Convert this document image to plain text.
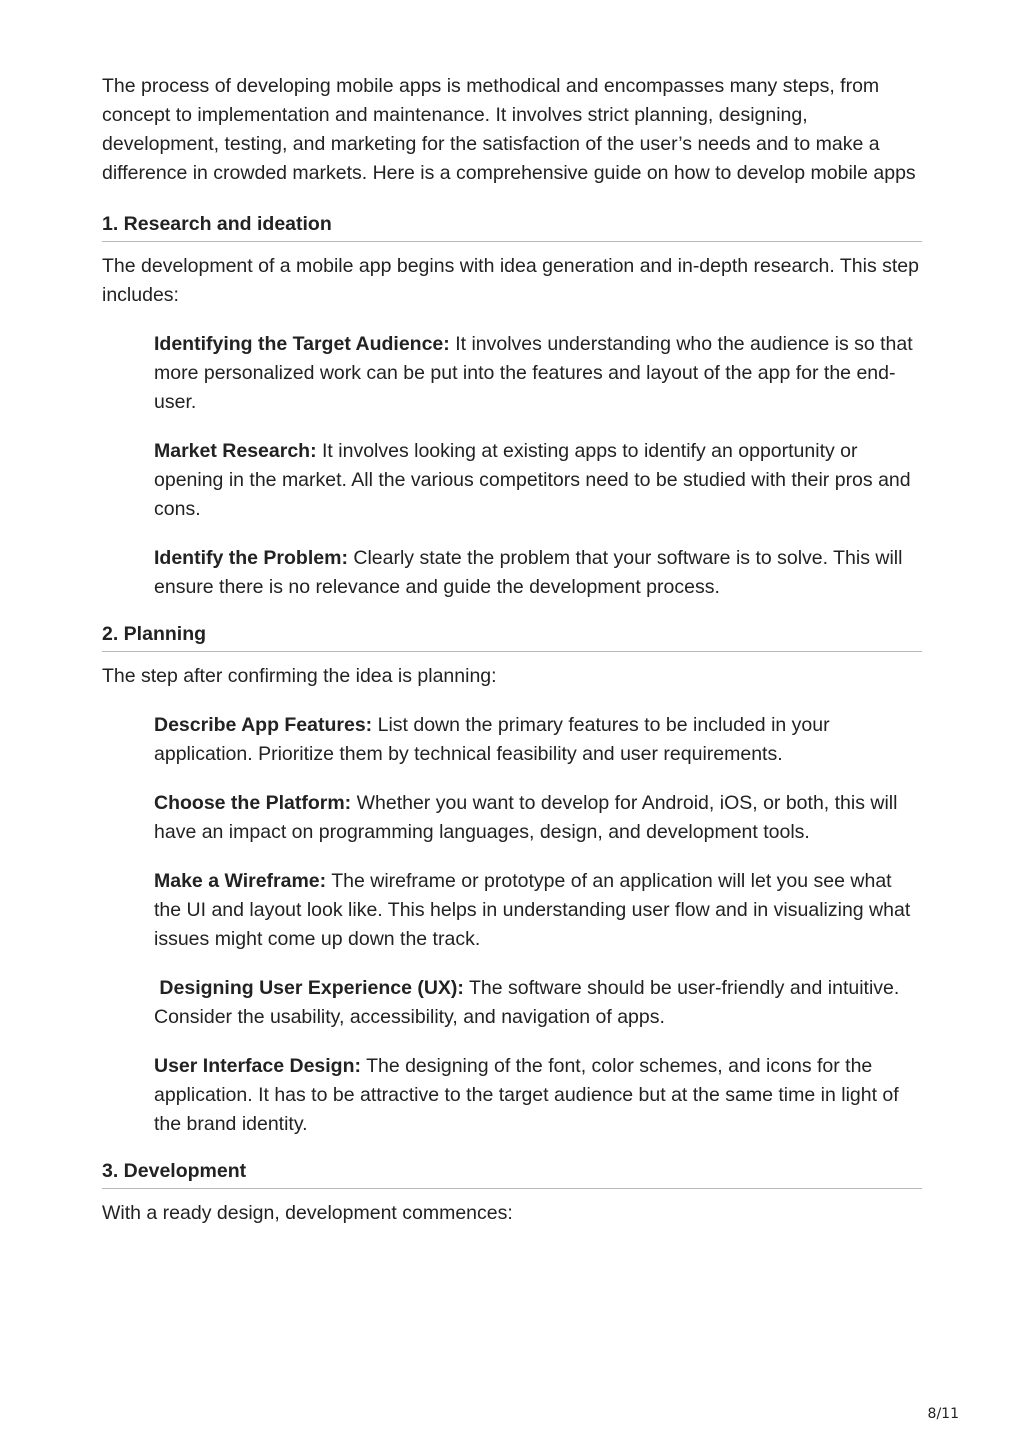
The process of developing mobile apps is methodical and encompasses many steps, from concept to implementation and maintenance. It involves strict planning, designing, development, testing, and marketing for the satisfaction of the user’s needs and to make a difference in crowded markets. Here is a comprehensive guide on how to develop mobile apps

1. Research and ideation

The development of a mobile app begins with idea generation and in-depth research. This step includes:

Identifying the Target Audience: It involves understanding who the audience is so that more personalized work can be put into the features and layout of the app for the end-user.

Market Research: It involves looking at existing apps to identify an opportunity or opening in the market. All the various competitors need to be studied with their pros and cons.

Identify the Problem: Clearly state the problem that your software is to solve. This will ensure there is no relevance and guide the development process.

2. Planning

The step after confirming the idea is planning:

Describe App Features: List down the primary features to be included in your application. Prioritize them by technical feasibility and user requirements.

Choose the Platform: Whether you want to develop for Android, iOS, or both, this will have an impact on programming languages, design, and development tools.

Make a Wireframe: The wireframe or prototype of an application will let you see what the UI and layout look like. This helps in understanding user flow and in visualizing what issues might come up down the track.

Designing User Experience (UX): The software should be user-friendly and intuitive. Consider the usability, accessibility, and navigation of apps.

User Interface Design: The designing of the font, color schemes, and icons for the application. It has to be attractive to the target audience but at the same time in light of the brand identity.

3. Development

With a ready design, development commences:

8/11
